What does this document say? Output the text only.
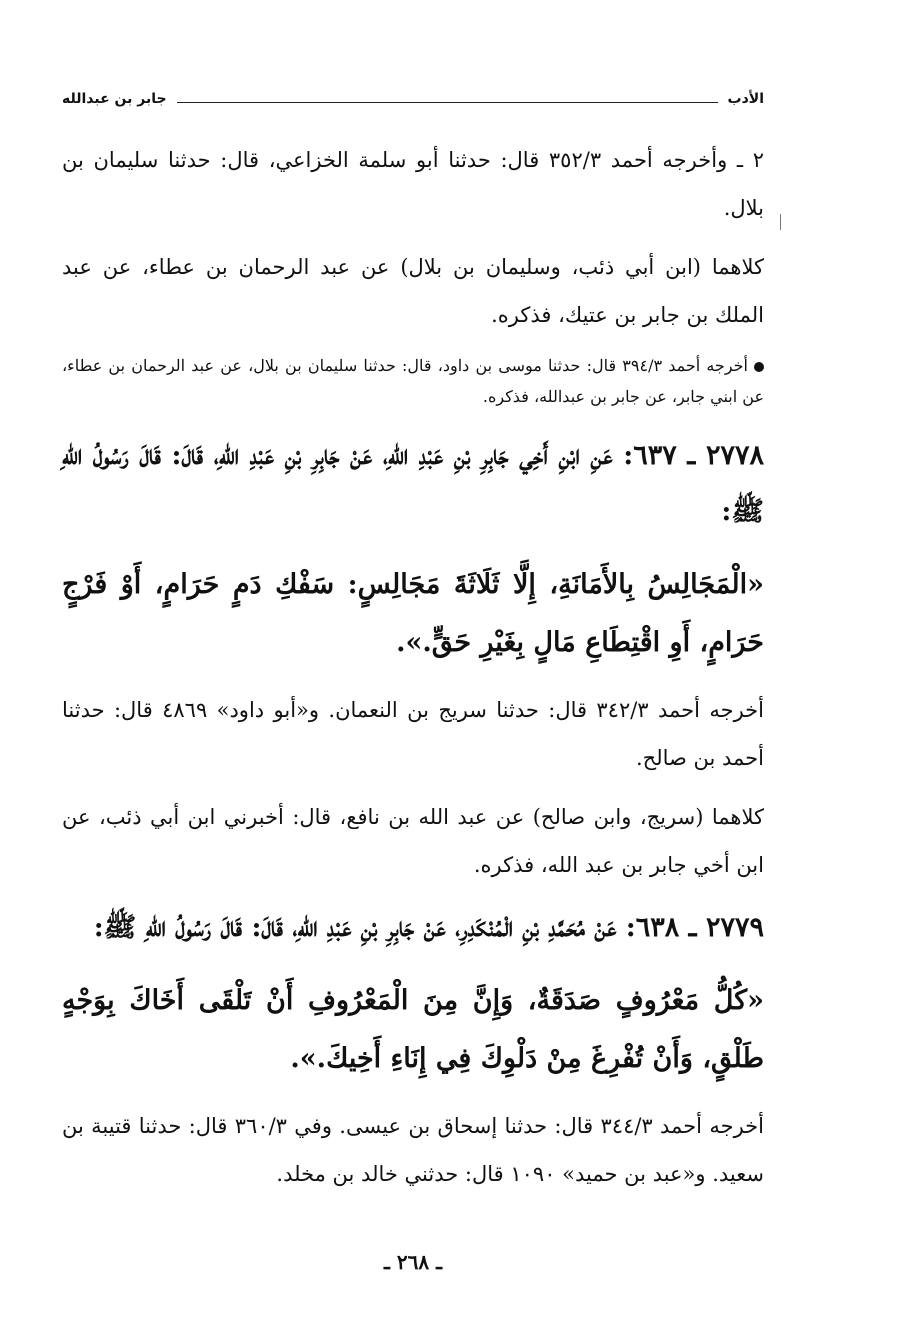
الأدب
جابر بن عبدالله

٢ ـ وأخرجه أحمد ٣٥٢/٣ قال: حدثنا أبو سلمة الخزاعي، قال: حدثنا سليمان بن بلال.

كلاهما (ابن أبي ذئب، وسليمان بن بلال) عن عبد الرحمان بن عطاء، عن عبد الملك بن جابر بن عتيك، فذكره.

أخرجه أحمد ٣٩٤/٣ قال: حدثنا موسى بن داود، قال: حدثنا سليمان بن بلال، عن عبد الرحمان بن عطاء، عن ابني جابر، عن جابر بن عبدالله، فذكره.

٢٧٧٨ ـ ٦٣٧: عَنِ ابْنِ أَخِي جَابِرِ بْنِ عَبْدِ اللهِ، عَنْ جَابِرِ بْنِ عَبْدِ اللهِ، قَالَ: قَالَ رَسُولُ اللهِ ﷺ:

«الْمَجَالِسُ بِالأَمَانَةِ، إِلَّا ثَلَاثَةَ مَجَالِسٍ: سَفْكِ دَمٍ حَرَامٍ، أَوْ فَرْجٍ حَرَامٍ، أَوِ اقْتِطَاعِ مَالٍ بِغَيْرِ حَقٍّ.».

أخرجه أحمد ٣٤٢/٣ قال: حدثنا سريج بن النعمان. و«أبو داود» ٤٨٦٩ قال: حدثنا أحمد بن صالح.

كلاهما (سريج، وابن صالح) عن عبد الله بن نافع، قال: أخبرني ابن أبي ذئب، عن ابن أخي جابر بن عبد الله، فذكره.

٢٧٧٩ ـ ٦٣٨: عَنْ مُحَمَّدِ بْنِ الْمُنْكَدِرِ، عَنْ جَابِرِ بْنِ عَبْدِ اللهِ، قَالَ: قَالَ رَسُولُ اللهِ ﷺ:

«كُلُّ مَعْرُوفٍ صَدَقَةٌ، وَإِنَّ مِنَ الْمَعْرُوفِ أَنْ تَلْقَى أَخَاكَ بِوَجْهٍ طَلْقٍ، وَأَنْ تُفْرِغَ مِنْ دَلْوِكَ فِي إِنَاءِ أَخِيكَ.».

أخرجه أحمد ٣٤٤/٣ قال: حدثنا إسحاق بن عيسى. وفي ٣٦٠/٣ قال: حدثنا قتيبة بن سعيد. و«عبد بن حميد» ١٠٩٠ قال: حدثني خالد بن مخلد.

ـ ٢٦٨ ـ
